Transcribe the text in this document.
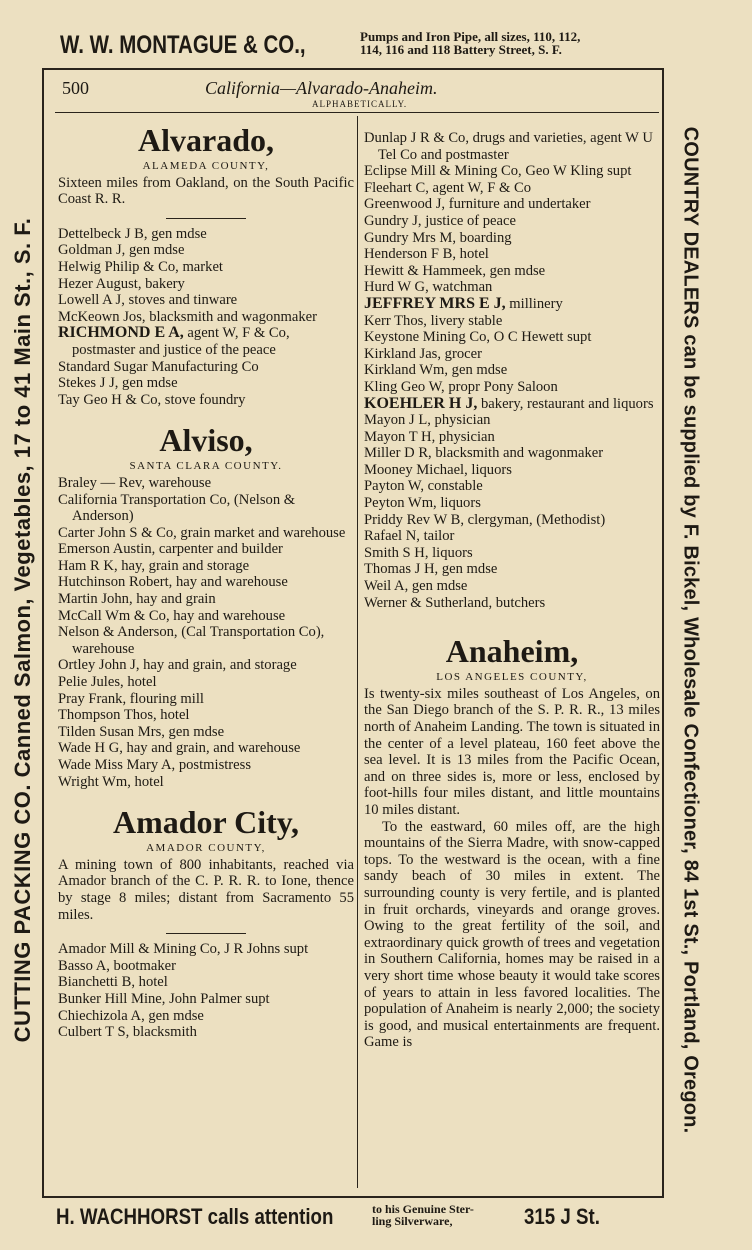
W. W. MONTAGUE & CO.,	Pumps and Iron Pipe, all sizes, 110, 112,
114, 116 and 118 Battery Street, S. F.
CUTTING PACKING CO. Canned Salmon, Vegetables, 17 to 41 Main St., S. F.	COUNTRY DEALERS can be supplied by F. Bickel, Wholesale Confectioner, 84 1st St., Portland, Oregon.
500	California—Alvarado-Anaheim.
ALPHABETICALLY.

Alvarado,

ALAMEDA COUNTY,

Sixteen miles from Oakland, on the South Pacific Coast R. R.

Dettelbeck J B, gen mdse

Goldman J, gen mdse

Helwig Philip & Co, market

Hezer August, bakery

Lowell A J, stoves and tinware

McKeown Jos, blacksmith and wagonmaker

RICHMOND E A, agent W, F & Co, postmaster and justice of the peace

Standard Sugar Manufacturing Co

Stekes J J, gen mdse

Tay Geo H & Co, stove foundry

Alviso,

SANTA CLARA COUNTY.

Braley — Rev, warehouse

California Transportation Co, (Nelson & Anderson)

Carter John S & Co, grain market and warehouse

Emerson Austin, carpenter and builder

Ham R K, hay, grain and storage

Hutchinson Robert, hay and warehouse

Martin John, hay and grain

McCall Wm & Co, hay and warehouse

Nelson & Anderson, (Cal Transportation Co), warehouse

Ortley John J, hay and grain, and storage

Pelie Jules, hotel

Pray Frank, flouring mill

Thompson Thos, hotel

Tilden Susan Mrs, gen mdse

Wade H G, hay and grain, and warehouse

Wade Miss Mary A, postmistress

Wright Wm, hotel

Amador City,

AMADOR COUNTY,

A mining town of 800 inhabitants, reached via Amador branch of the C. P. R. R. to Ione, thence by stage 8 miles; distant from Sacramento 55 miles.

Amador Mill & Mining Co, J R Johns supt

Basso A, bootmaker

Bianchetti B, hotel

Bunker Hill Mine, John Palmer supt

Chiechizola A, gen mdse

Culbert T S, blacksmith

Dunlap J R & Co, drugs and varieties, agent W U Tel Co and postmaster

Eclipse Mill & Mining Co, Geo W Kling supt

Fleehart C, agent W, F & Co

Greenwood J, furniture and undertaker

Gundry J, justice of peace

Gundry Mrs M, boarding

Henderson F B, hotel

Hewitt & Hammeek, gen mdse

Hurd W G, watchman

JEFFREY MRS E J, millinery

Kerr Thos, livery stable

Keystone Mining Co, O C Hewett supt

Kirkland Jas, grocer

Kirkland Wm, gen mdse

Kling Geo W, propr Pony Saloon

KOEHLER H J, bakery, restaurant and liquors

Mayon J L, physician

Mayon T H, physician

Miller D R, blacksmith and wagonmaker

Mooney Michael, liquors

Payton W, constable

Peyton Wm, liquors

Priddy Rev W B, clergyman, (Methodist)

Rafael N, tailor

Smith S H, liquors

Thomas J H, gen mdse

Weil A, gen mdse

Werner & Sutherland, butchers

Anaheim,

LOS ANGELES COUNTY,

Is twenty-six miles southeast of Los Angeles, on the San Diego branch of the S. P. R. R., 13 miles north of Anaheim Landing. The town is situated in the center of a level plateau, 160 feet above the sea level. It is 13 miles from the Pacific Ocean, and on three sides is, more or less, enclosed by foot-hills four miles distant, and little mountains 10 miles distant.

To the eastward, 60 miles off, are the high mountains of the Sierra Madre, with snow-capped tops. To the westward is the ocean, with a fine sandy beach of 30 miles in extent. The surrounding county is very fertile, and is planted in fruit orchards, vineyards and orange groves. Owing to the great fertility of the soil, and extraordinary quick growth of trees and vegetation in Southern California, homes may be raised in a very short time whose beauty it would take scores of years to attain in less favored localities. The population of Anaheim is nearly 2,000; the society is good, and musical entertainments are frequent. Game is

H. WACHHORST calls attention	to his Genuine Ster-
ling Silverware,	315 J St.
